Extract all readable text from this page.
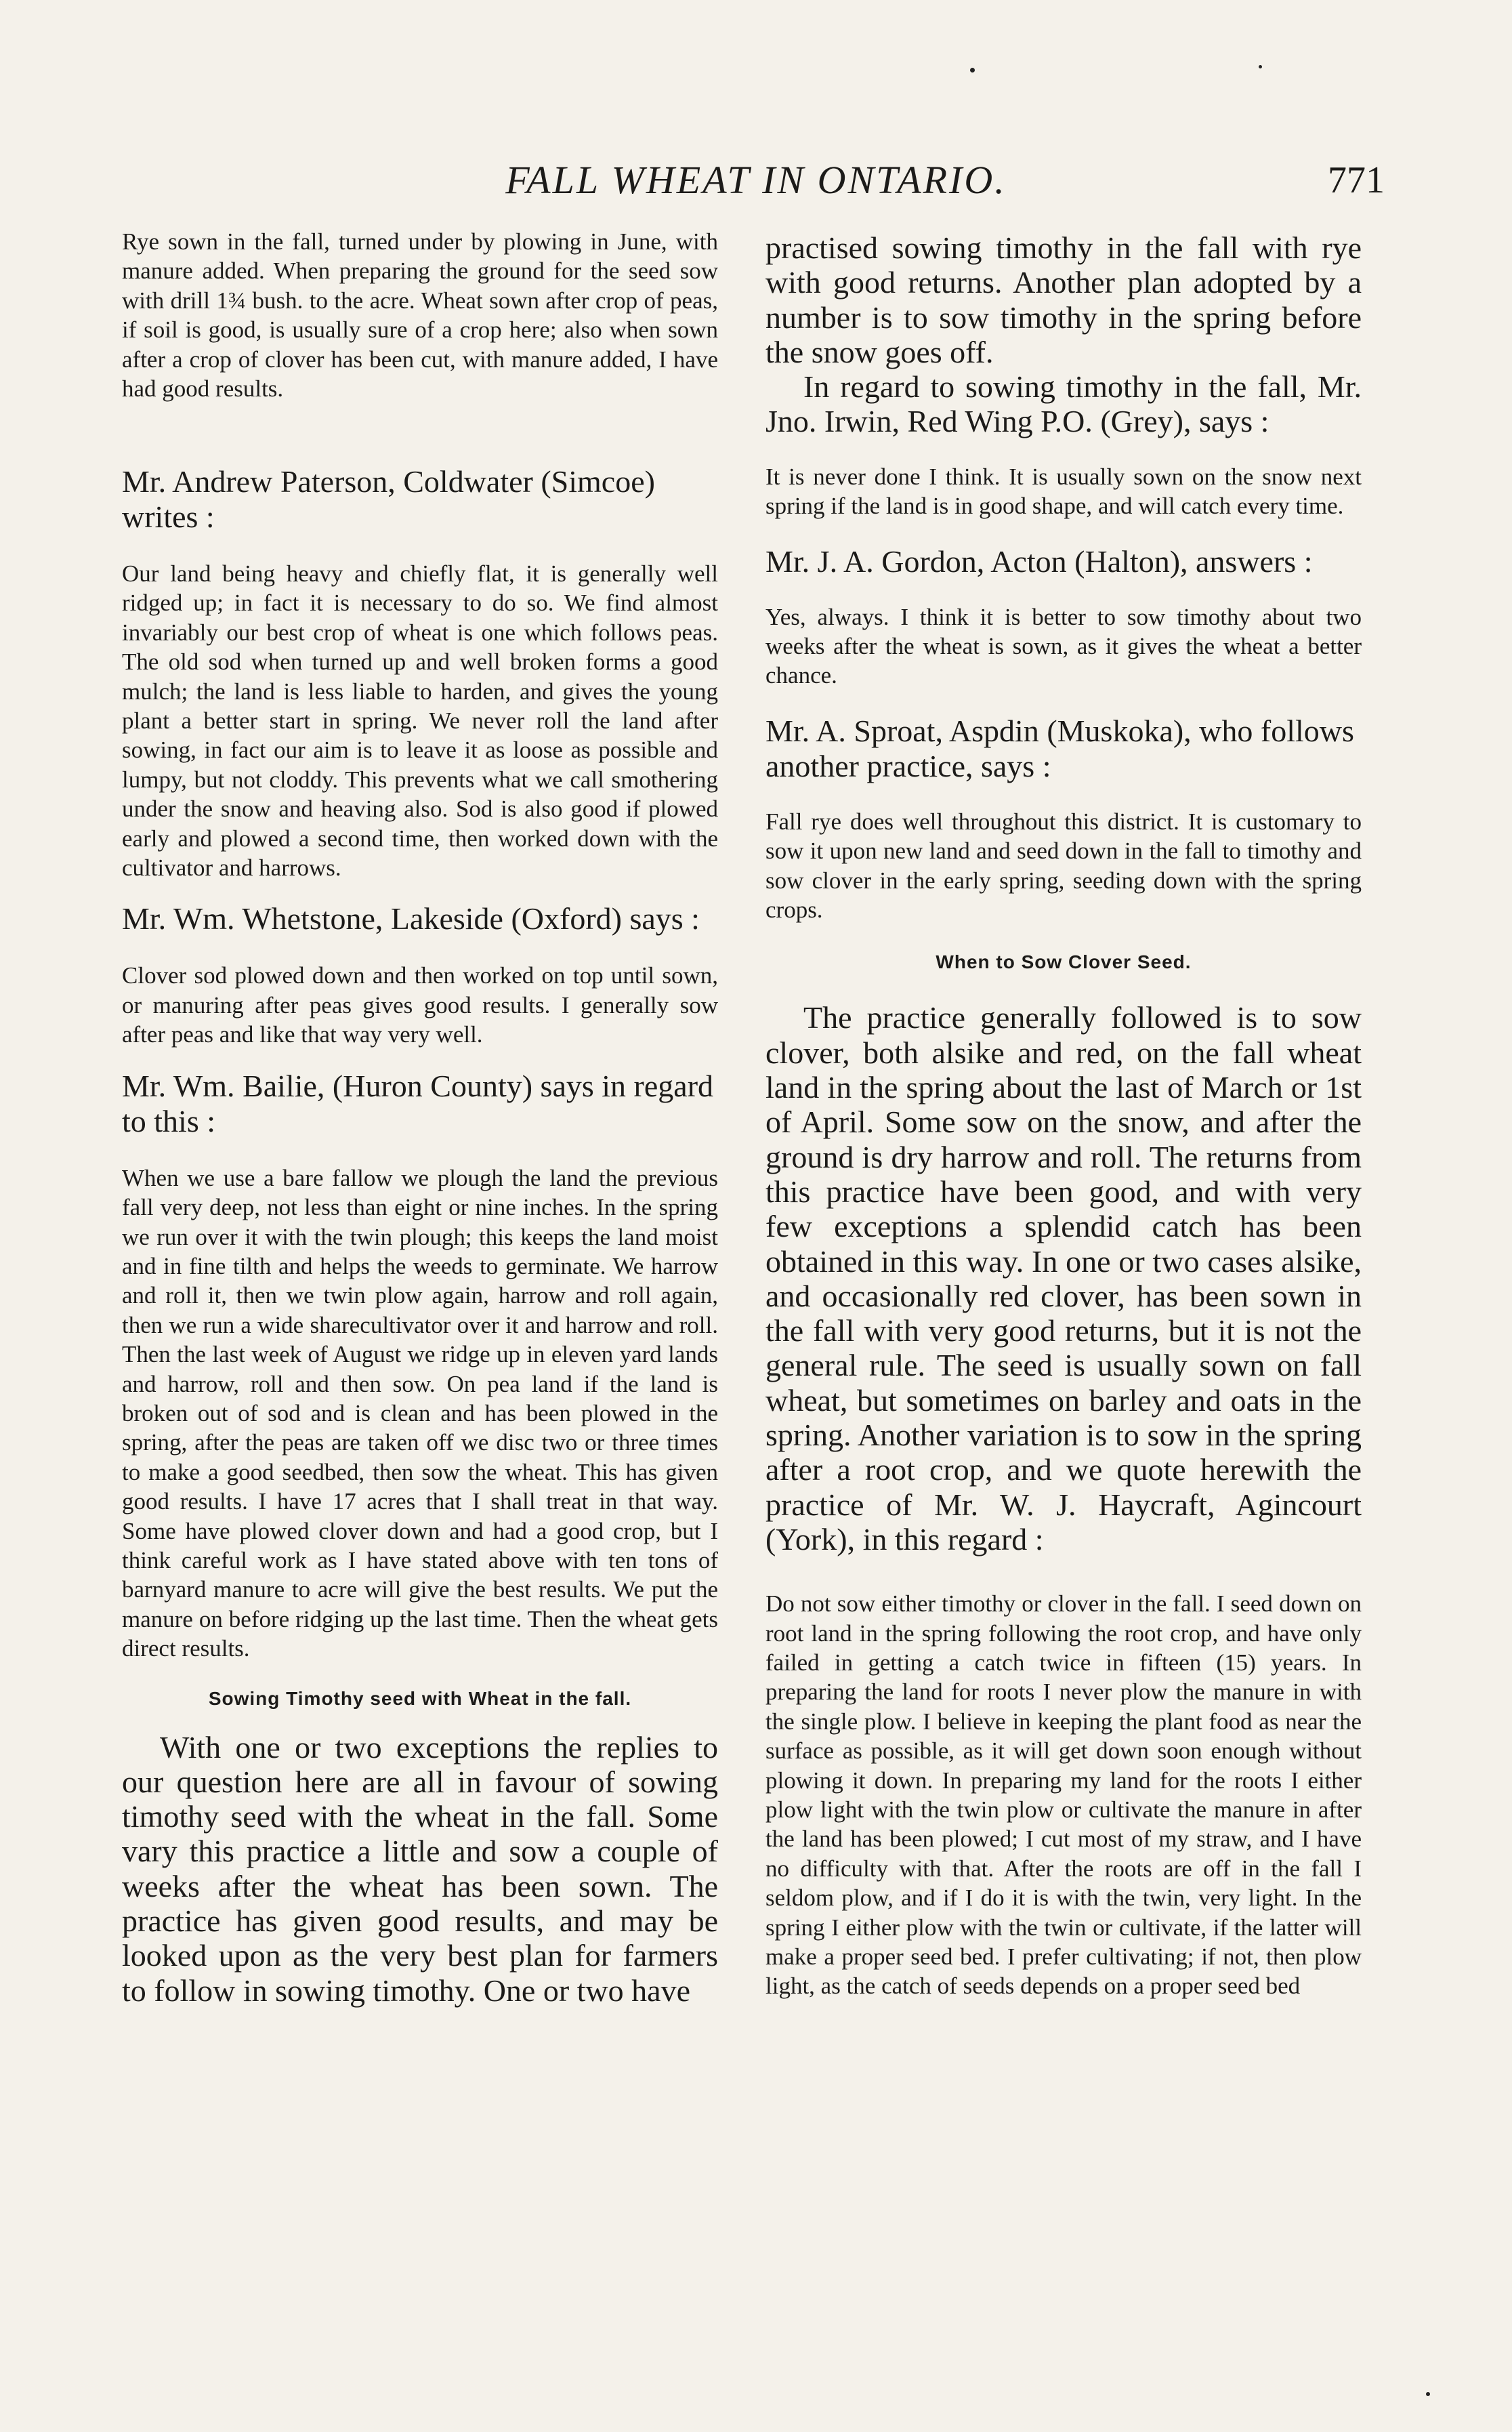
FALL WHEAT IN ONTARIO.	771

Rye sown in the fall, turned under by plowing in June, with manure added. When preparing the ground for the seed sow with drill 1¾ bush. to the acre. Wheat sown after crop of peas, if soil is good, is usually sure of a crop here; also when sown after a crop of clover has been cut, with manure added, I have had good results.

Mr. Andrew Paterson, Coldwater (Simcoe) writes :

Our land being heavy and chiefly flat, it is generally well ridged up; in fact it is necessary to do so. We find almost invariably our best crop of wheat is one which follows peas. The old sod when turned up and well broken forms a good mulch; the land is less liable to harden, and gives the young plant a better start in spring. We never roll the land after sowing, in fact our aim is to leave it as loose as possible and lumpy, but not cloddy. This prevents what we call smothering under the snow and heaving also. Sod is also good if plowed early and plowed a second time, then worked down with the cultivator and harrows.

Mr. Wm. Whetstone, Lakeside (Oxford) says :

Clover sod plowed down and then worked on top until sown, or manuring after peas gives good results. I generally sow after peas and like that way very well.

Mr. Wm. Bailie, (Huron County) says in regard to this :

When we use a bare fallow we plough the land the previous fall very deep, not less than eight or nine inches. In the spring we run over it with the twin plough; this keeps the land moist and in fine tilth and helps the weeds to germinate. We harrow and roll it, then we twin plow again, harrow and roll again, then we run a wide sharecultivator over it and harrow and roll. Then the last week of August we ridge up in eleven yard lands and harrow, roll and then sow. On pea land if the land is broken out of sod and is clean and has been plowed in the spring, after the peas are taken off we disc two or three times to make a good seedbed, then sow the wheat. This has given good results. I have 17 acres that I shall treat in that way. Some have plowed clover down and had a good crop, but I think careful work as I have stated above with ten tons of barnyard manure to acre will give the best results. We put the manure on before ridging up the last time. Then the wheat gets direct results.

Sowing Timothy seed with Wheat in the fall.

With one or two exceptions the replies to our question here are all in favour of sowing timothy seed with the wheat in the fall. Some vary this practice a little and sow a couple of weeks after the wheat has been sown. The practice has given good results, and may be looked upon as the very best plan for farmers to follow in sowing timothy. One or two have

practised sowing timothy in the fall with rye with good returns. Another plan adopted by a number is to sow timothy in the spring before the snow goes off.

In regard to sowing timothy in the fall, Mr. Jno. Irwin, Red Wing P.O. (Grey), says :

It is never done I think. It is usually sown on the snow next spring if the land is in good shape, and will catch every time.

Mr. J. A. Gordon, Acton (Halton), answers :

Yes, always. I think it is better to sow timothy about two weeks after the wheat is sown, as it gives the wheat a better chance.

Mr. A. Sproat, Aspdin (Muskoka), who follows another practice, says :

Fall rye does well throughout this district. It is customary to sow it upon new land and seed down in the fall to timothy and sow clover in the early spring, seeding down with the spring crops.

When to Sow Clover Seed.

The practice generally followed is to sow clover, both alsike and red, on the fall wheat land in the spring about the last of March or 1st of April. Some sow on the snow, and after the ground is dry harrow and roll. The returns from this practice have been good, and with very few exceptions a splendid catch has been obtained in this way. In one or two cases alsike, and occasionally red clover, has been sown in the fall with very good returns, but it is not the general rule. The seed is usually sown on fall wheat, but sometimes on barley and oats in the spring. Another variation is to sow in the spring after a root crop, and we quote herewith the practice of Mr. W. J. Haycraft, Agincourt (York), in this regard :

Do not sow either timothy or clover in the fall. I seed down on root land in the spring following the root crop, and have only failed in getting a catch twice in fifteen (15) years. In preparing the land for roots I never plow the manure in with the single plow. I believe in keeping the plant food as near the surface as possible, as it will get down soon enough without plowing it down. In preparing my land for the roots I either plow light with the twin plow or cultivate the manure in after the land has been plowed; I cut most of my straw, and I have no difficulty with that. After the roots are off in the fall I seldom plow, and if I do it is with the twin, very light. In the spring I either plow with the twin or cultivate, if the latter will make a proper seed bed. I prefer cultivating; if not, then plow light, as the catch of seeds depends on a proper seed bed
